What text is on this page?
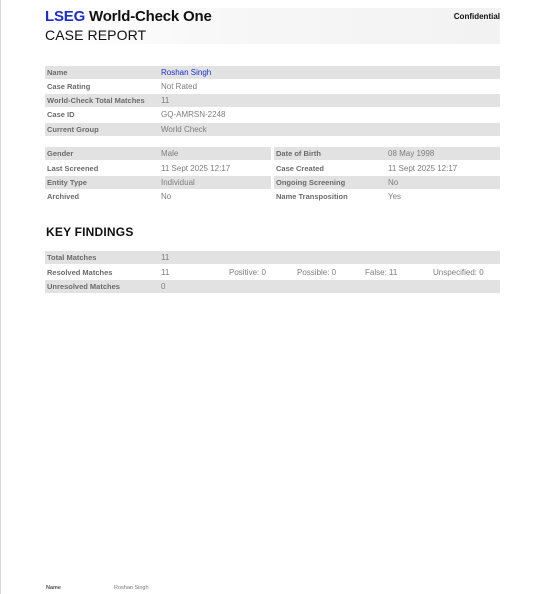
LSEG World-Check One
CASE REPORT
Confidential
Name	Roshan Singh
Case Rating	Not Rated
World-Check Total Matches 11
Case ID	GQ-AMRSN-2248
Current Group	World Check
Gender	Male	Date of Birth	08 May 1998
Last Screened	11 Sept 2025 12:17	Case Created	11 Sept 2025 12:17
Entity Type	Individual	Ongoing Screening	No
Archived	No	Name Transposition	Yes
KEY FINDINGS
Total Matches	11
Resolved Matches	11	Positive: 0	Possible: 0	False: 11	Unspecified: 0
Unresolved Matches	0
Name	Roshan Singh
